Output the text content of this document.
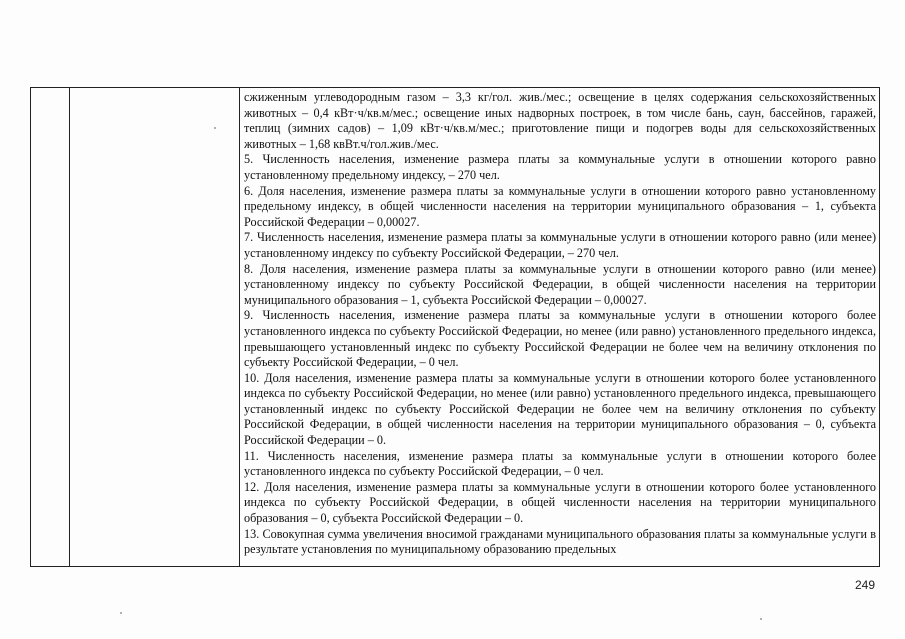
сжиженным углеводородным газом – 3,3 кг/гол. жив./мес.; освещение в целях содержания сельскохозяйственных животных – 0,4 кВт·ч/кв.м/мес.; освещение иных надворных построек, в том числе бань, саун, бассейнов, гаражей, теплиц (зимних садов) – 1,09 кВт·ч/кв.м/мес.; приготовление пищи и подогрев воды для сельскохозяйственных животных – 1,68 квВт.ч/гол.жив./мес.

5. Численность населения, изменение размера платы за коммунальные услуги в отношении которого равно установленному предельному индексу, – 270 чел.

6. Доля населения, изменение размера платы за коммунальные услуги в отношении которого равно установленному предельному индексу, в общей численности населения на территории муниципального образования – 1, субъекта Российской Федерации – 0,00027.

7. Численность населения, изменение размера платы за коммунальные услуги в отношении которого равно (или менее) установленному индексу по субъекту Российской Федерации, – 270 чел.

8. Доля населения, изменение размера платы за коммунальные услуги в отношении которого равно (или менее) установленному индексу по субъекту Российской Федерации, в общей численности населения на территории муниципального образования – 1, субъекта Российской Федерации – 0,00027.

9. Численность населения, изменение размера платы за коммунальные услуги в отношении которого более установленного индекса по субъекту Российской Федерации, но менее (или равно) установленного предельного индекса, превышающего установленный индекс по субъекту Российской Федерации не более чем на величину отклонения по субъекту Российской Федерации, – 0 чел.

10. Доля населения, изменение размера платы за коммунальные услуги в отношении которого более установленного индекса по субъекту Российской Федерации, но менее (или равно) установленного предельного индекса, превышающего установленный индекс по субъекту Российской Федерации не более чем на величину отклонения по субъекту Российской Федерации, в общей численности населения на территории муниципального образования – 0, субъекта Российской Федерации – 0.

11. Численность населения, изменение размера платы за коммунальные услуги в отношении которого более установленного индекса по субъекту Российской Федерации, – 0 чел.

12. Доля населения, изменение размера платы за коммунальные услуги в отношении которого более установленного индекса по субъекту Российской Федерации, в общей численности населения на территории муниципального образования – 0, субъекта Российской Федерации – 0.

13. Совокупная сумма увеличения вносимой гражданами муниципального образования платы за коммунальные услуги в результате установления по муниципальному образованию предельных

249
